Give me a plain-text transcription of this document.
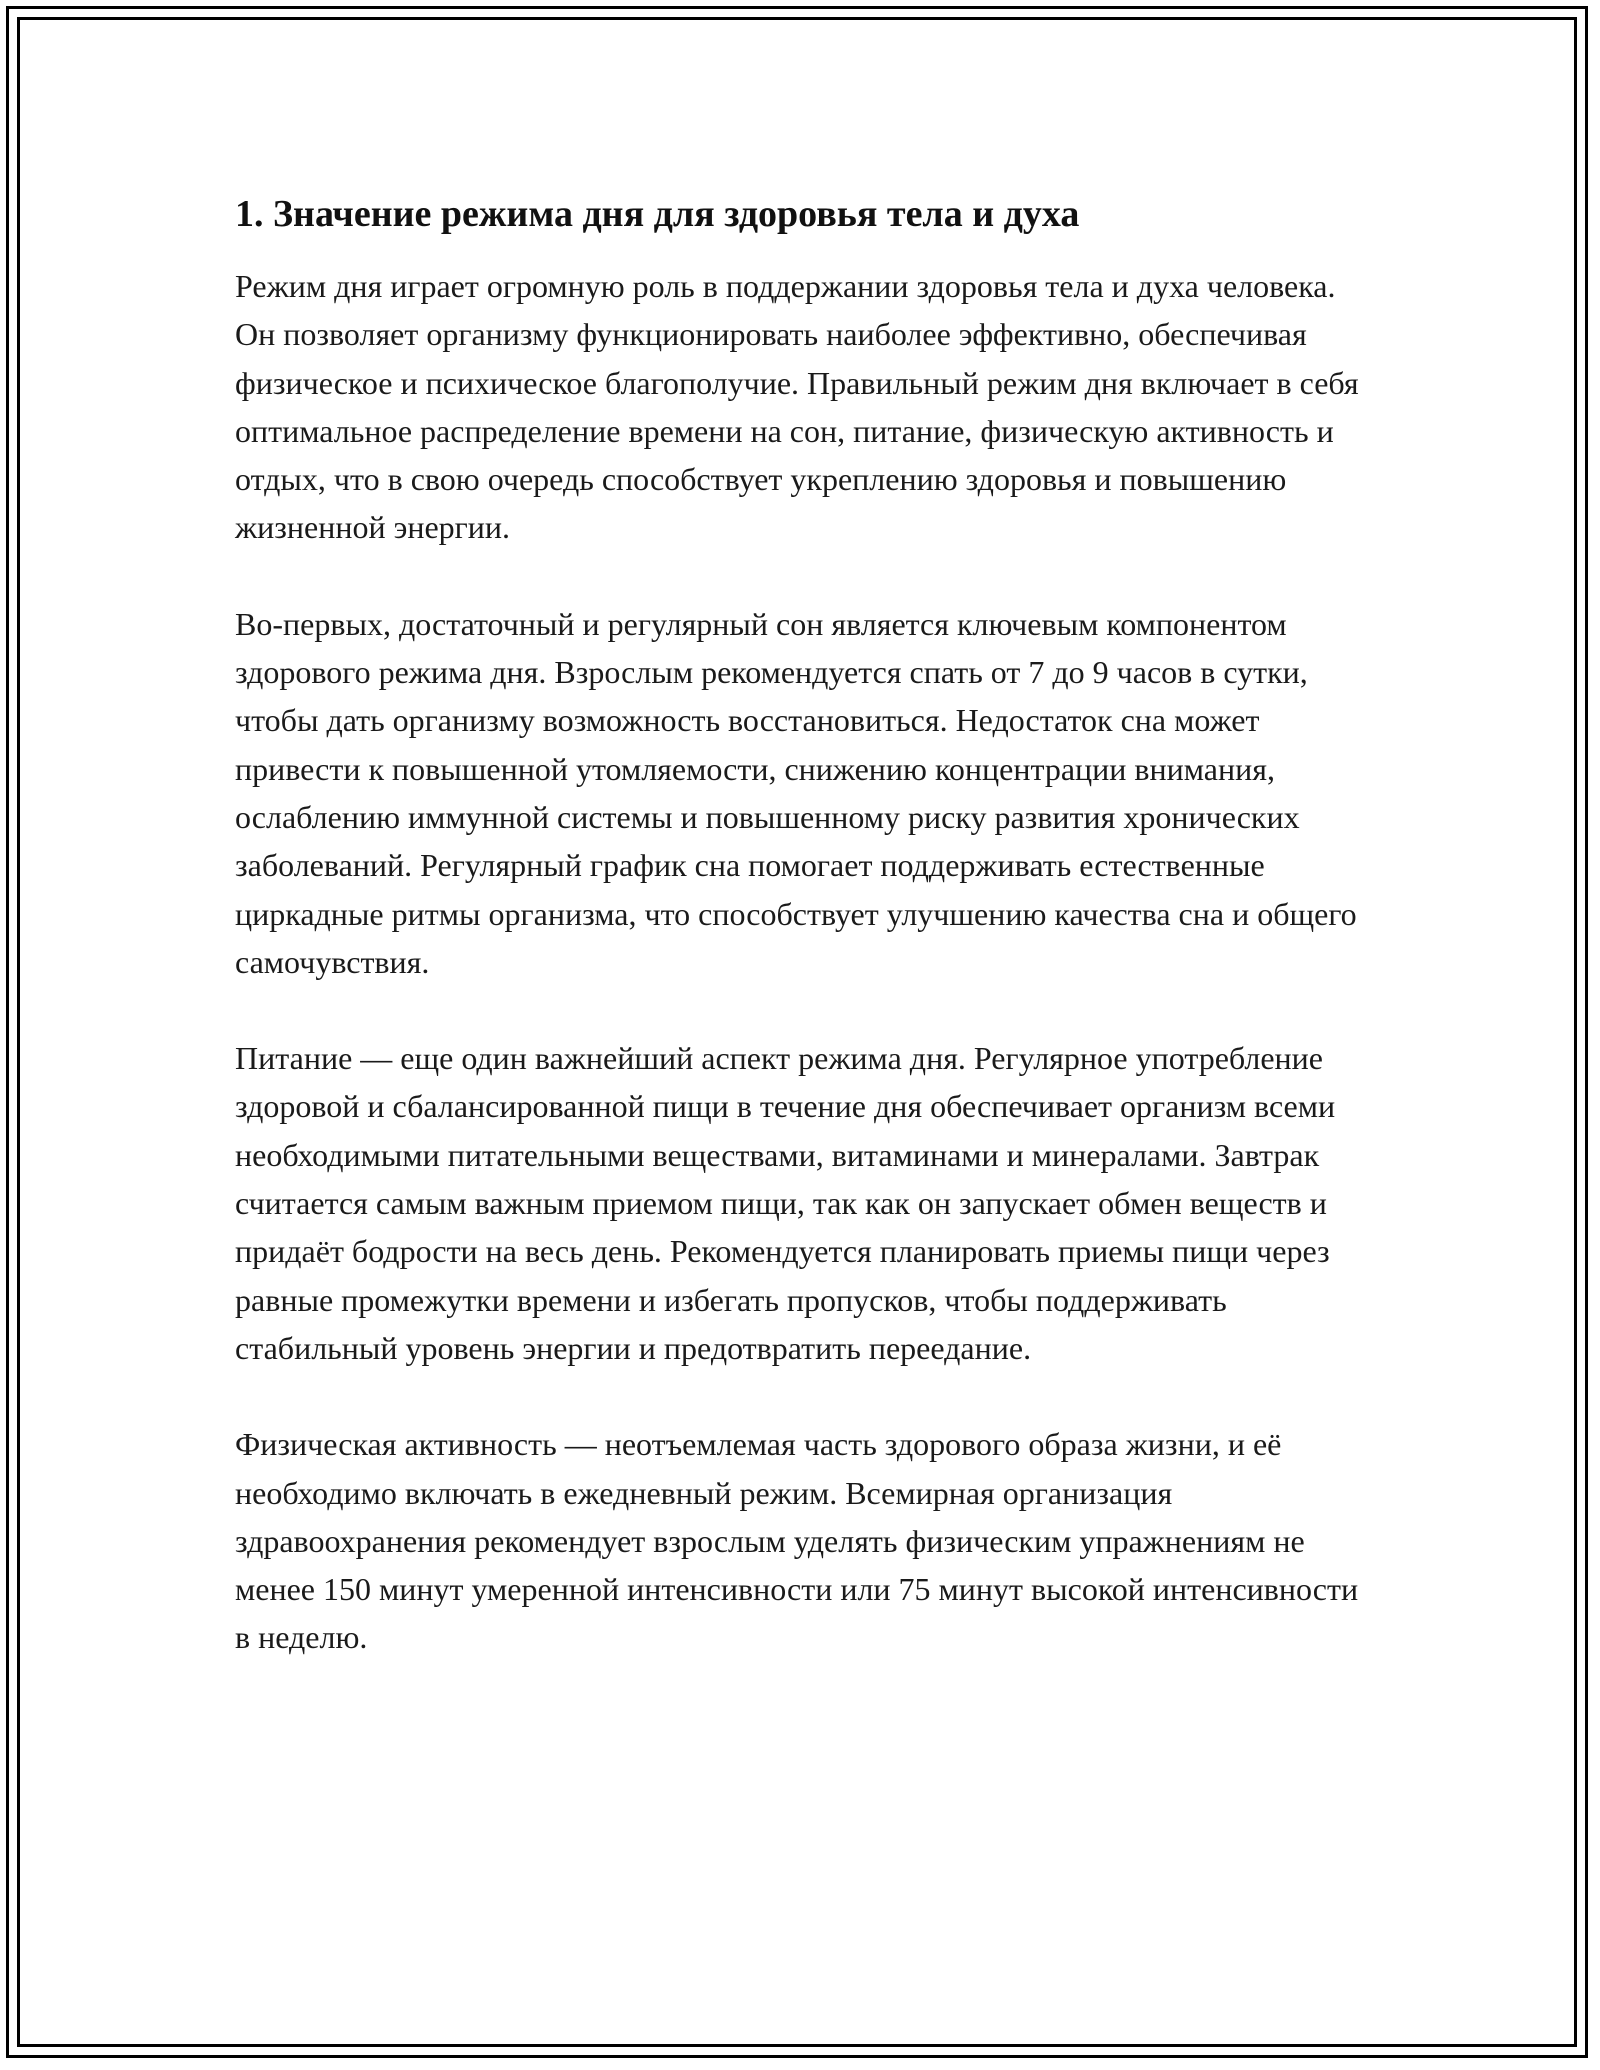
1. Значение режима дня для здоровья тела и духа

Режим дня играет огромную роль в поддержании здоровья тела и духа человека. Он позволяет организму функционировать наиболее эффективно, обеспечивая физическое и психическое благополучие. Правильный режим дня включает в себя оптимальное распределение времени на сон, питание, физическую активность и отдых, что в свою очередь способствует укреплению здоровья и повышению жизненной энергии.

Во-первых, достаточный и регулярный сон является ключевым компонентом здорового режима дня. Взрослым рекомендуется спать от 7 до 9 часов в сутки, чтобы дать организму возможность восстановиться. Недостаток сна может привести к повышенной утомляемости, снижению концентрации внимания, ослаблению иммунной системы и повышенному риску развития хронических заболеваний. Регулярный график сна помогает поддерживать естественные циркадные ритмы организма, что способствует улучшению качества сна и общего самочувствия.

Питание — еще один важнейший аспект режима дня. Регулярное употребление здоровой и сбалансированной пищи в течение дня обеспечивает организм всеми необходимыми питательными веществами, витаминами и минералами. Завтрак считается самым важным приемом пищи, так как он запускает обмен веществ и придаёт бодрости на весь день. Рекомендуется планировать приемы пищи через равные промежутки времени и избегать пропусков, чтобы поддерживать стабильный уровень энергии и предотвратить переедание.

Физическая активность — неотъемлемая часть здорового образа жизни, и её необходимо включать в ежедневный режим. Всемирная организация здравоохранения рекомендует взрослым уделять физическим упражнениям не менее 150 минут умеренной интенсивности или 75 минут высокой интенсивности в неделю.
